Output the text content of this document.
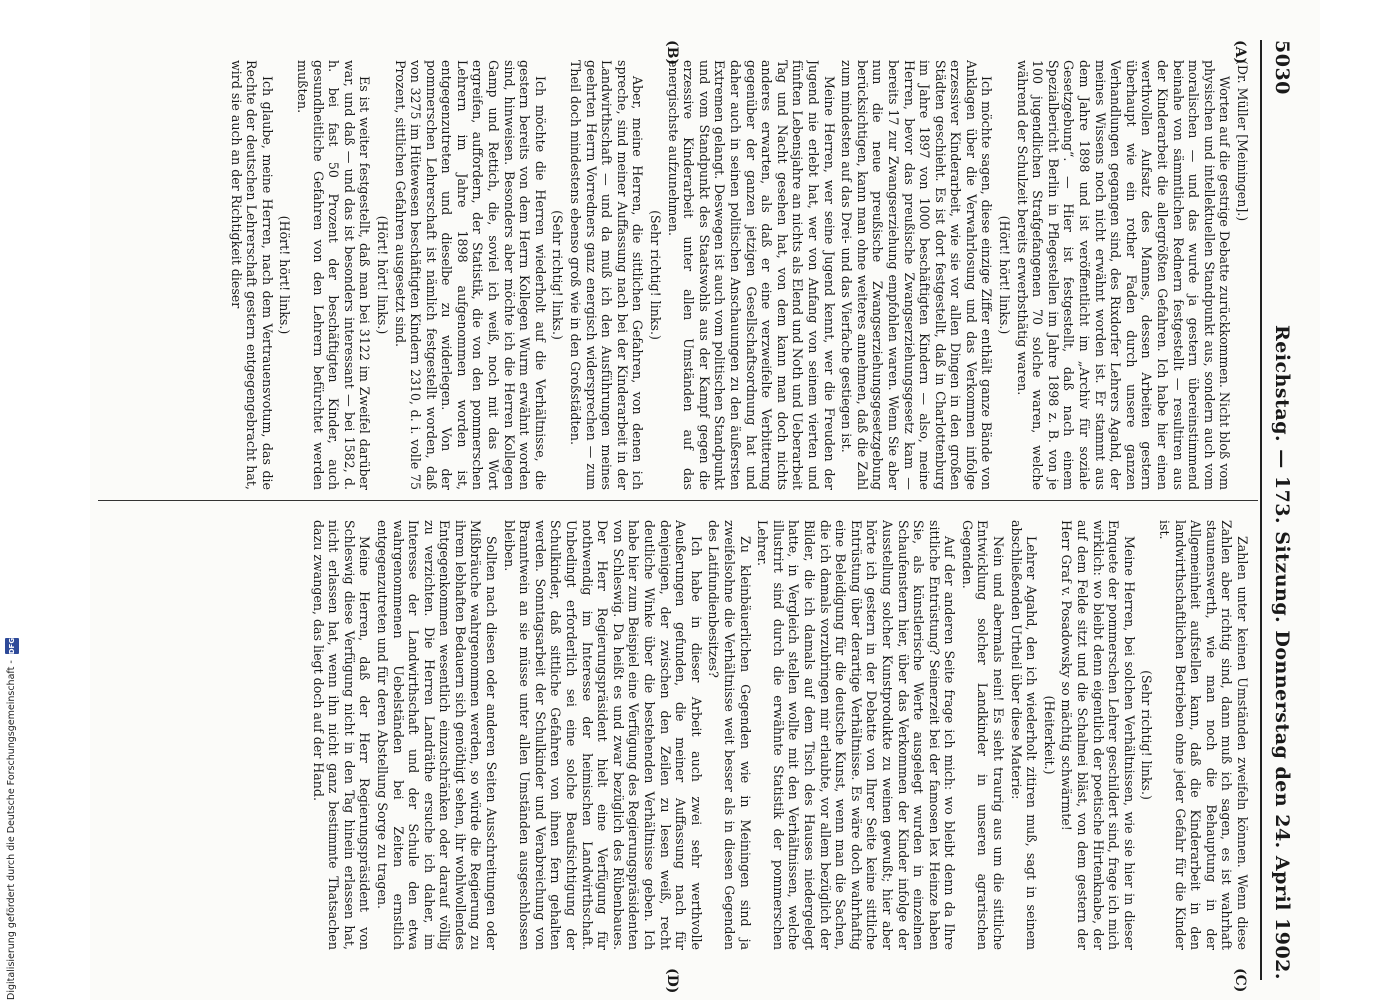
5030
Reichstag. — 173. Sitzung. Donnerstag den 24. April 1902.
(A)
(B)
(C)
(D)

(Dr. Müller [Meiningen].)

Worten auf die gestrige Debatte zurückkommen. Nicht bloß vom physischen und intellektuellen Standpunkt aus, sondern auch vom moralischen — und das wurde ja gestern übereinstimmend beinahe von sämmtlichen Rednern festgestellt — resultiren aus der Kinderarbeit die allergrößten Gefahren. Ich habe hier einen werthvollen Aufsatz des Mannes, dessen Arbeiten gestern überhaupt wie ein rother Faden durch unsere ganzen Verhandlungen gegangen sind, des Rixdorfer Lehrers Agahd, der meines Wissens noch nicht erwähnt worden ist. Er stammt aus dem Jahre 1898 und ist veröffentlicht im „Archiv für soziale Gesetzgebung“. — Hier ist festgestellt, daß nach einem Spezialbericht Berlin in Pflegestellen im Jahre 1898 z. B. von je 100 jugendlichen Strafgefangenen 70 solche waren, welche während der Schulzeit bereits erwerbsthätig waren.

(Hört! hört! links.)

Ich möchte sagen, diese einzige Ziffer enthält ganze Bände von Anklagen über die Verwahrlosung und das Verkommen infolge erzessiver Kinderarbeit, wie sie vor allen Dingen in den großen Städten geschieht. Es ist dort festgestellt, daß in Charlottenburg im Jahre 1897 von 1000 beschäftigten Kindern — also, meine Herren, bevor das preußische Zwangserziehungsgesetz kam — bereits 17 zur Zwangserziehung empfohlen waren. Wenn Sie aber nun die neue preußische Zwangserziehungsgesetzgebung berücksichtigen, kann man ohne weiteres annehmen, daß die Zahl zum mindesten auf das Drei- und das Vierfache gestiegen ist.

Meine Herren, wer seine Jugend kennt, wer die Freuden der Jugend nie erlebt hat, wer von Anfang von seinem vierten und fünften Lebensjahre an nichts als Elend und Noth und Ueberarbeit Tag und Nacht gesehen hat, von dem kann man doch nichts anderes erwarten, als daß er eine verzweifelte Verbitterung gegenüber der ganzen jetzigen Gesellschaftsordnung hat und daher auch in seinen politischen Anschauungen zu den äußersten Extremen gelangt. Deswegen ist auch vom politischen Standpunkt und vom Standpunkt des Staatswohls aus der Kampf gegen die erzessive Kinderarbeit unter allen Umständen auf das energischste aufzunehmen.

(Sehr richtig! links.)

Aber, meine Herren, die sittlichen Gefahren, von denen ich spreche, sind meiner Auffassung nach bei der Kinderarbeit in der Landwirthschaft — und da muß ich den Ausführungen meines geehrten Herrn Vorredners ganz energisch widersprechen — zum Theil doch mindestens ebenso groß wie in den Großstädten.

(Sehr richtig! links.)

Ich möchte die Herren wiederholt auf die Verhältnisse, die gestern bereits von dem Herrn Kollegen Wurm erwähnt worden sind, hinweisen. Besonders aber möchte ich die Herren Kollegen Gamp und Rettich, die, soviel ich weiß, noch mit das Wort ergreifen, auffordern, der Statistik, die von den pommerschen Lehrern im Jahre 1898 aufgenommen worden ist, entgegenzutreten und dieselbe zu widerlegen. Von der pommerschen Lehrerschaft ist nämlich festgestellt worden, daß von 3275 im Hütewesen beschäftigten Kindern 2310, d. i. volle 75 Prozent, sittlichen Gefahren ausgesetzt sind.

(Hört! hört! links.)

Es ist weiter festgestellt, daß man bei 3122 im Zweifel darüber war, und daß — und das ist besonders interessant — bei 1582, d. h. bei fast 50 Prozent der beschäftigten Kinder, auch gesundheitliche Gefahren von den Lehrern befürchtet werden mußten.

(Hört! hört! links.)

Ich glaube, meine Herren, nach dem Vertrauensvotum, das die Rechte der deutschen Lehrerschaft gestern entgegengebracht hat, wird sie auch an der Richtigkeit dieser

Zahlen unter keinen Umständen zweifeln können. Wenn diese Zahlen aber richtig sind, dann muß ich sagen, es ist wahrhaft staunenswerth, wie man noch die Behauptung in der Allgemeinheit aufstellen kann, daß die Kinderarbeit in den landwirthschaftlichen Betrieben ohne jeder Gefahr für die Kinder ist.

(Sehr richtig! links.)

Meine Herren, bei solchen Verhältnissen, wie sie hier in dieser Enquete der pommerschen Lehrer geschildert sind, frage ich mich wirklich: wo bleibt denn eigentlich der poetische Hirtenknabe, der auf dem Felde sitzt und die Schalmei bläst, von dem gestern der Herr Graf v. Posadowsky so mächtig schwärmte!

(Heiterkeit.)

Lehrer Agahd, den ich wiederholt zitiren muß, sagt in seinem abschließenden Urtheil über diese Materie:

Nein und abermals nein! Es sieht traurig aus um die sittliche Entwicklung solcher Landkinder in unseren agrarischen Gegenden.

Auf der anderen Seite frage ich mich: wo bleibt denn da Ihre sittliche Entrüstung? Seinerzeit bei der famosen lex Heinze haben Sie, als künstlerische Werte ausgelegt wurden in einzelnen Schaufenstern hier, über das Verkommen der Kinder infolge der Ausstellung solcher Kunstprodukte zu weinen gewußt; hier aber hörte ich gestern in der Debatte von Ihrer Seite keine sittliche Entrüstung über derartige Verhältnisse. Es wäre doch wahrhaftig eine Beleidigung für die deutsche Kunst, wenn man die Sachen, die ich damals vorzubringen mir erlaubte, vor allem bezüglich der Bilder, die ich damals auf dem Tisch des Hauses niedergelegt hatte, in Vergleich stellen wollte mit den Verhältnissen, welche illustrirt sind durch die erwähnte Statistik der pommerschen Lehrer.

Zu kleinbäuerlichen Gegenden wie in Meiningen sind ja zweifelsohne die Verhältnisse weit besser als in diesen Gegenden des Latifundienbesitzes?

Ich habe in dieser Arbeit auch zwei sehr werthvolle Aeußerungen gefunden, die meiner Auffassung nach für denjenigen, der zwischen den Zeilen zu lesen weiß, recht deutliche Winke über die bestehenden Verhältnisse geben. Ich habe hier zum Beispiel eine Verfügung des Regierungspräsidenten von Schleswig. Da heißt es und zwar bezüglich des Rübenbaues. Der Herr Regierungspräsident hielt eine Verfügung für nothwendig im Interesse der heimischen Landwirthschaft. Unbedingt erforderlich sei eine solche Beaufsichtigung der Schulkinder, daß sittliche Gefahren von ihnen fern gehalten werden. Sonntagsarbeit der Schulkinder und Verabreichung von Branntwein an sie müsse unter allen Umständen ausgeschlossen bleiben.

Sollten nach diesen oder anderen Seiten Ausschreitungen oder Mißbräuche wahrgenommen werden, so würde die Regierung zu ihrem lebhaften Bedauern sich genöthigt sehen, ihr wohlwollendes Entgegenkommen wesentlich einzuschränken oder darauf völlig zu verzichten. Die Herren Landräthe ersuche ich daher, im Interesse der Landwirthschaft und der Schule den etwa wahrgenommenen Uebelständen bei Zeiten ernstlich entgegenzutreten und für deren Abstellung Sorge zu tragen.

Meine Herren, daß der Herr Regierungspräsident von Schleswig diese Verfügung nicht in den Tag hinein erlassen hat, nicht erlassen hat, wenn ihn nicht ganz bestimmte Thatsachen dazu zwangen, das liegt doch auf der Hand.

Digitalisierung gefördert durch die Deutsche Forschungsgemeinschaft -
DFG
